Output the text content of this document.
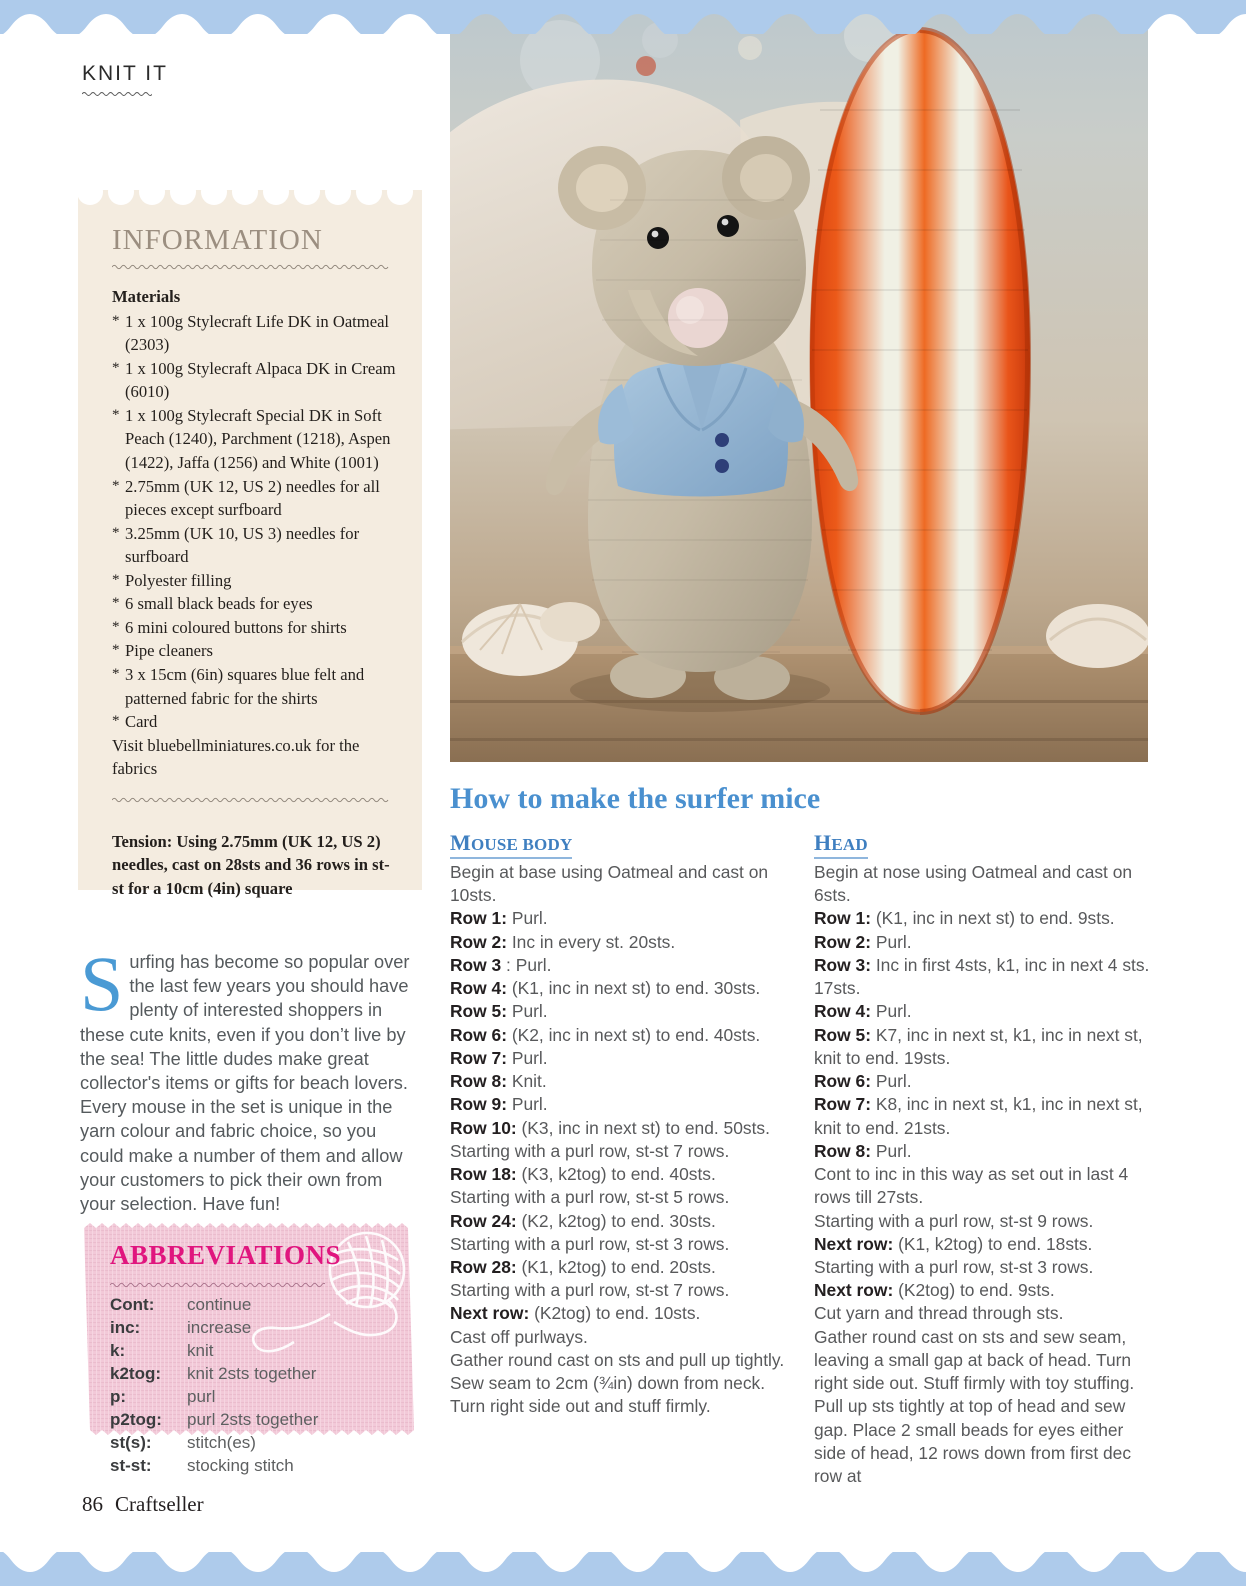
KNIT IT
INFORMATION
Materials
* 1 x 100g Stylecraft Life DK in Oatmeal (2303)
* 1 x 100g Stylecraft Alpaca DK in Cream (6010)
* 1 x 100g Stylecraft Special DK in Soft Peach (1240), Parchment (1218), Aspen (1422), Jaffa (1256) and White (1001)
* 2.75mm (UK 12, US 2) needles for all pieces except surfboard
* 3.25mm (UK 10, US 3) needles for surfboard
* Polyester filling
* 6 small black beads for eyes
* 6 mini coloured buttons for shirts
* Pipe cleaners
* 3 x 15cm (6in) squares blue felt and patterned fabric for the shirts
* Card
Visit bluebellminiatures.co.uk for the fabrics
Tension: Using 2.75mm (UK 12, US 2) needles, cast on 28sts and 36 rows in st-st for a 10cm (4in) square
Surfing has become so popular over the last few years you should have plenty of interested shoppers in these cute knits, even if you don’t live by the sea! The little dudes make great collector's items or gifts for beach lovers. Every mouse in the set is unique in the yarn colour and fabric choice, so you could make a number of them and allow your customers to pick their own from your selection. Have fun!
ABBREVIATIONS
Cont:	continue
inc:	increase
k:	knit
k2tog:	knit 2sts together
p:	purl
p2tog:	purl 2sts together
st(s):	stitch(es)
st-st:	stocking stitch
How to make the surfer mice
MOUSE BODY

Begin at base using Oatmeal and cast on 10sts.
Row 1: Purl.
Row 2: Inc in every st. 20sts.
Row 3 : Purl.
Row 4: (K1, inc in next st) to end. 30sts.
Row 5: Purl.
Row 6: (K2, inc in next st) to end. 40sts.
Row 7: Purl.
Row 8: Knit.
Row 9: Purl.
Row 10: (K3, inc in next st) to end. 50sts.
Starting with a purl row, st-st 7 rows.
Row 18: (K3, k2tog) to end. 40sts.
Starting with a purl row, st-st 5 rows.
Row 24: (K2, k2tog) to end. 30sts.
Starting with a purl row, st-st 3 rows.
Row 28: (K1, k2tog) to end. 20sts.
Starting with a purl row, st-st 7 rows.
Next row: (K2tog) to end. 10sts.
Cast off purlways.
Gather round cast on sts and pull up tightly.
Sew seam to 2cm (¾in) down from neck.
Turn right side out and stuff firmly.

HEAD

Begin at nose using Oatmeal and cast on 6sts.
Row 1: (K1, inc in next st) to end. 9sts.
Row 2: Purl.
Row 3: Inc in first 4sts, k1, inc in next 4 sts. 17sts.
Row 4: Purl.
Row 5: K7, inc in next st, k1, inc in next st, knit to end. 19sts.
Row 6: Purl.
Row 7: K8, inc in next st, k1, inc in next st, knit to end. 21sts.
Row 8: Purl.
Cont to inc in this way as set out in last 4 rows till 27sts.
Starting with a purl row, st-st 9 rows.
Next row: (K1, k2tog) to end. 18sts.
Starting with a purl row, st-st 3 rows.
Next row: (K2tog) to end. 9sts.
Cut yarn and thread through sts.
Gather round cast on sts and sew seam, leaving a small gap at back of head. Turn right side out. Stuff firmly with toy stuffing. Pull up sts tightly at top of head and sew gap. Place 2 small beads for eyes either side of head, 12 rows down from first dec row at

86 Craftseller
